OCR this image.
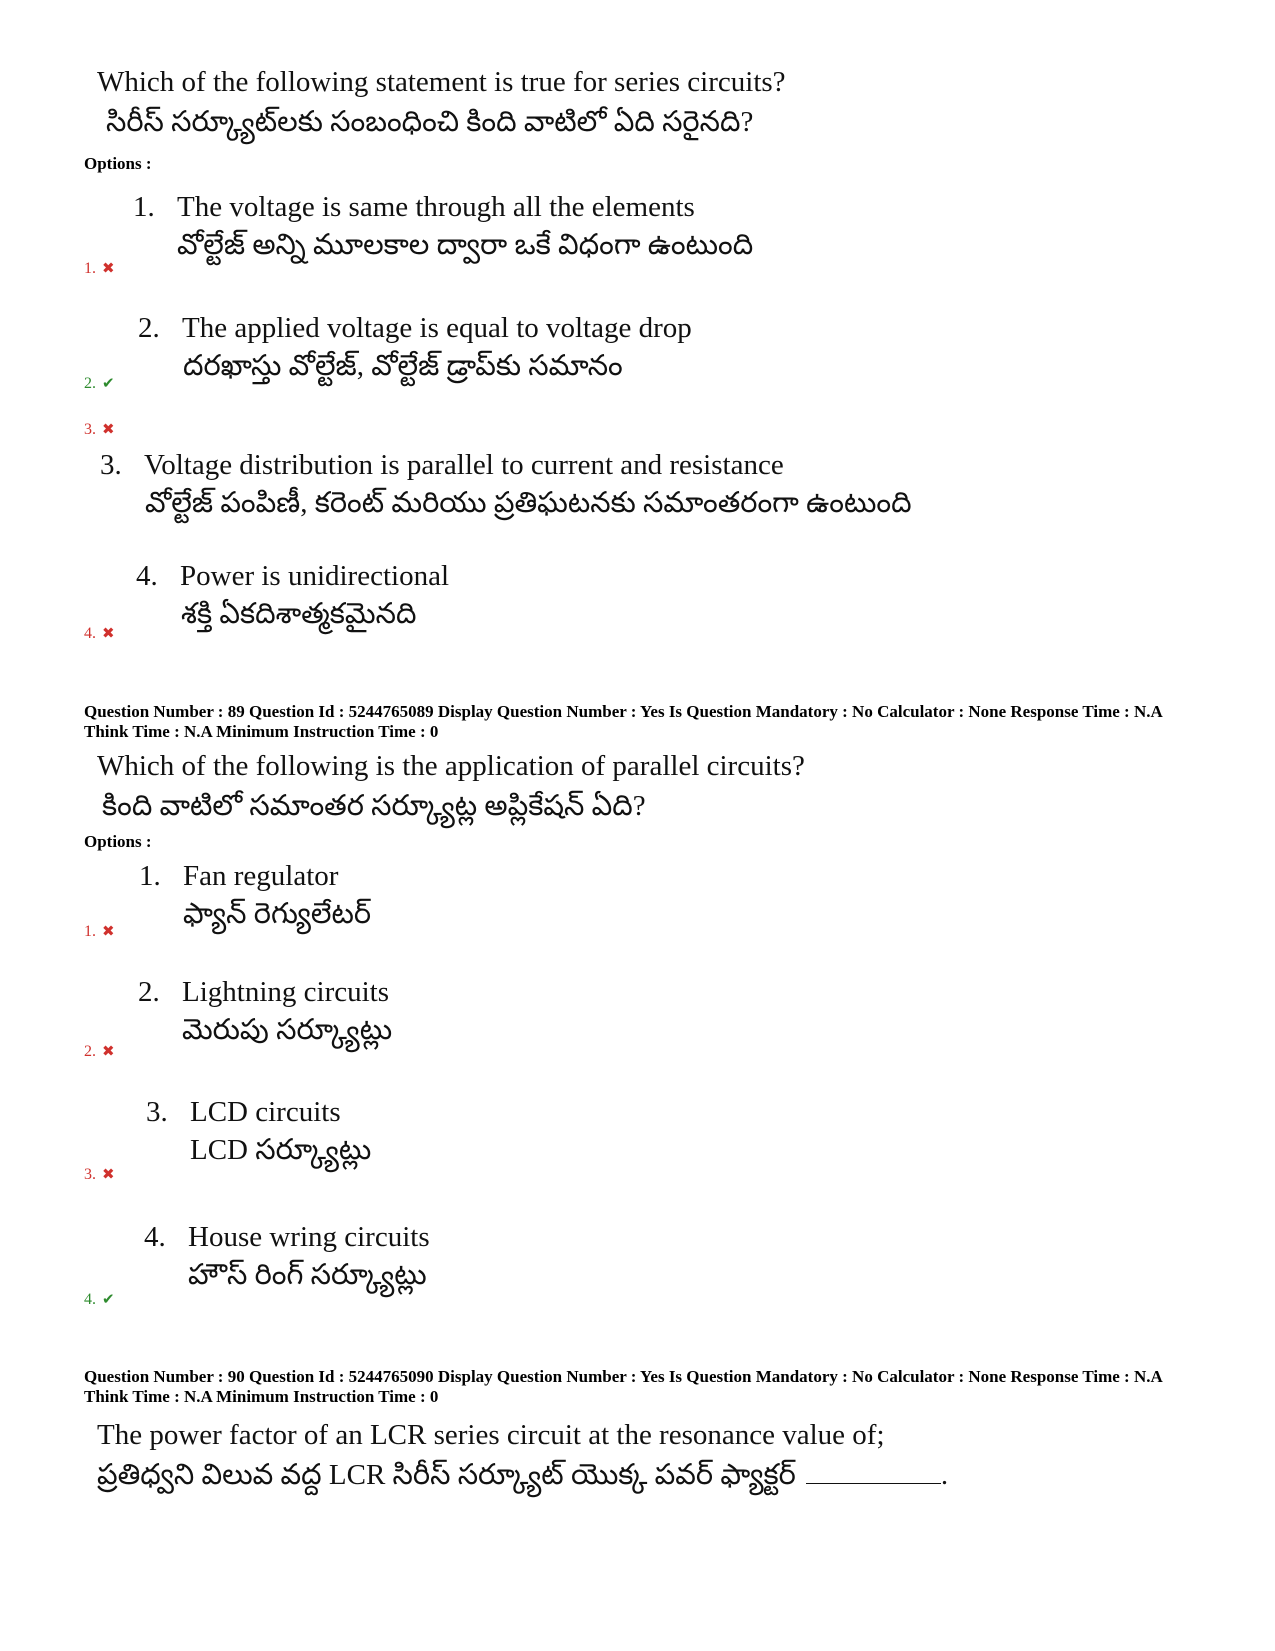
Which of the following statement is true for series circuits?
సిరీస్ సర్క్యూట్‌లకు సంబంధించి కింది వాటిలో ఏది సరైనది?
Options :
1. The voltage is same through all the elements
వోల్టేజ్ అన్ని మూలకాల ద్వారా ఒకే విధంగా ఉంటుంది
1. ✖
2. The applied voltage is equal to voltage drop
దరఖాస్తు వోల్టేజ్, వోల్టేజ్ డ్రాప్‌కు సమానం
2. ✔
3. ✖
3. Voltage distribution is parallel to current and resistance
వోల్టేజ్ పంపిణీ, కరెంట్ మరియు ప్రతిఘటనకు సమాంతరంగా ఉంటుంది
4. Power is unidirectional
శక్తి ఏకదిశాత్మకమైనది
4. ✖
Question Number : 89 Question Id : 5244765089 Display Question Number : Yes Is Question Mandatory : No Calculator : None Response Time : N.A Think Time : N.A Minimum Instruction Time : 0
Which of the following is the application of parallel circuits?
కింది వాటిలో సమాంతర సర్క్యూట్ల అప్లికేషన్ ఏది?
Options :
1. Fan regulator
ఫ్యాన్ రెగ్యులేటర్
1. ✖
2. Lightning circuits
మెరుపు సర్క్యూట్లు
2. ✖
3. LCD circuits
LCD సర్క్యూట్లు
3. ✖
4. House wring circuits
హౌస్ రింగ్ సర్క్యూట్లు
4. ✔
Question Number : 90 Question Id : 5244765090 Display Question Number : Yes Is Question Mandatory : No Calculator : None Response Time : N.A Think Time : N.A Minimum Instruction Time : 0
The power factor of an LCR series circuit at the resonance value of;
ప్రతిధ్వని విలువ వద్ద LCR సిరీస్ సర్క్యూట్ యొక్క పవర్ ఫ్యాక్టర్	.
